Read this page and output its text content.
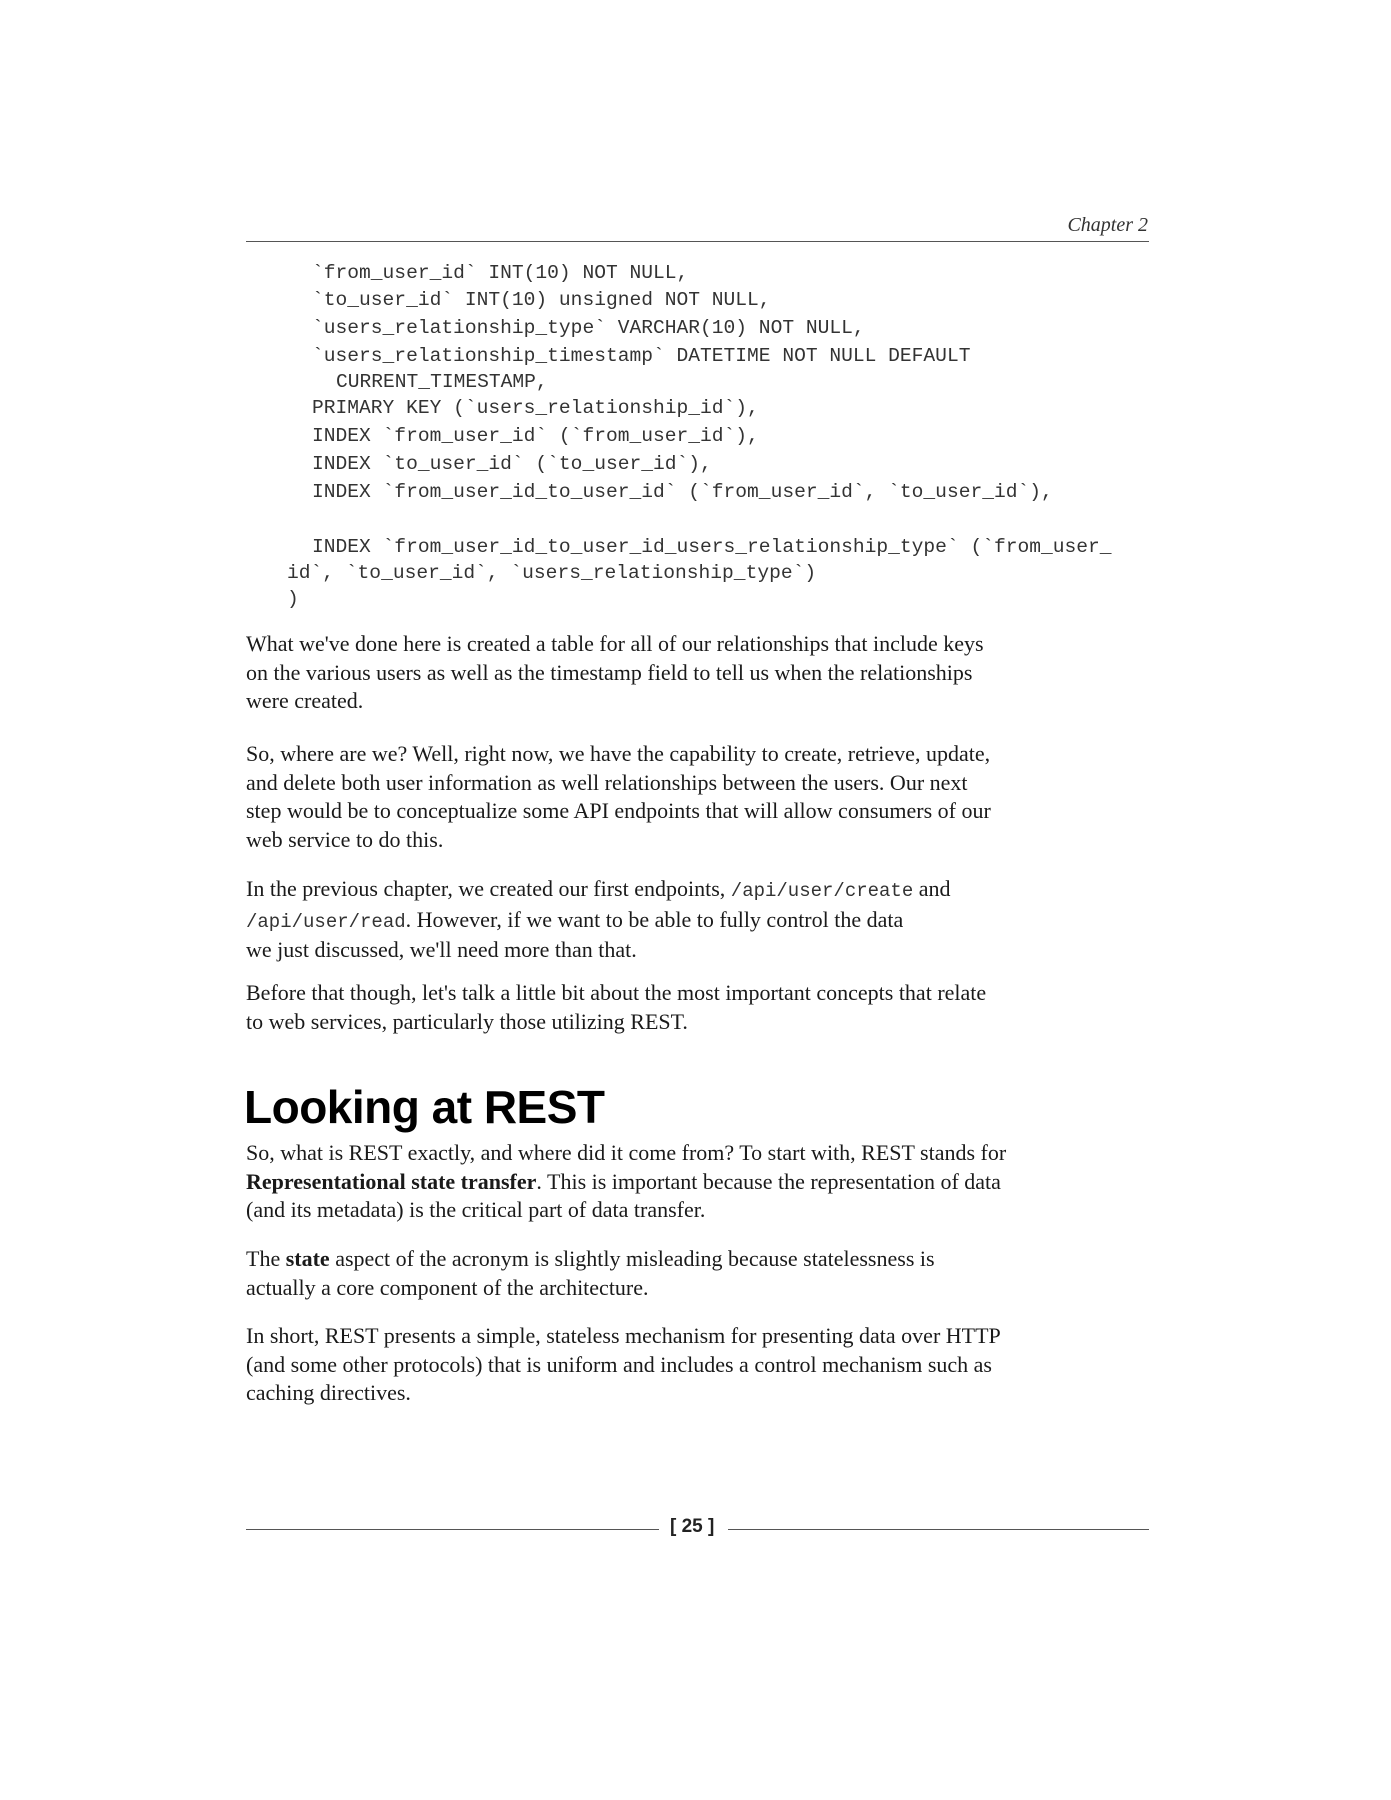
Chapter 2
`from_user_id` INT(10) NOT NULL,
`to_user_id` INT(10) unsigned NOT NULL,
`users_relationship_type` VARCHAR(10) NOT NULL,
`users_relationship_timestamp` DATETIME NOT NULL DEFAULT
CURRENT_TIMESTAMP,
PRIMARY KEY (`users_relationship_id`),
INDEX `from_user_id` (`from_user_id`),
INDEX `to_user_id` (`to_user_id`),
INDEX `from_user_id_to_user_id` (`from_user_id`, `to_user_id`),
INDEX `from_user_id_to_user_id_users_relationship_type` (`from_user_
id`, `to_user_id`, `users_relationship_type`)
)
What we've done here is created a table for all of our relationships that include keys
on the various users as well as the timestamp field to tell us when the relationships
were created.
So, where are we? Well, right now, we have the capability to create, retrieve, update,
and delete both user information as well relationships between the users. Our next
step would be to conceptualize some API endpoints that will allow consumers of our
web service to do this.
In the previous chapter, we created our first endpoints, /api/user/create and
/api/user/read. However, if we want to be able to fully control the data
we just discussed, we'll need more than that.
Before that though, let's talk a little bit about the most important concepts that relate
to web services, particularly those utilizing REST.
Looking at REST
So, what is REST exactly, and where did it come from? To start with, REST stands for
Representational state transfer. This is important because the representation of data
(and its metadata) is the critical part of data transfer.
The state aspect of the acronym is slightly misleading because statelessness is
actually a core component of the architecture.
In short, REST presents a simple, stateless mechanism for presenting data over HTTP
(and some other protocols) that is uniform and includes a control mechanism such as
caching directives.
[ 25 ]
